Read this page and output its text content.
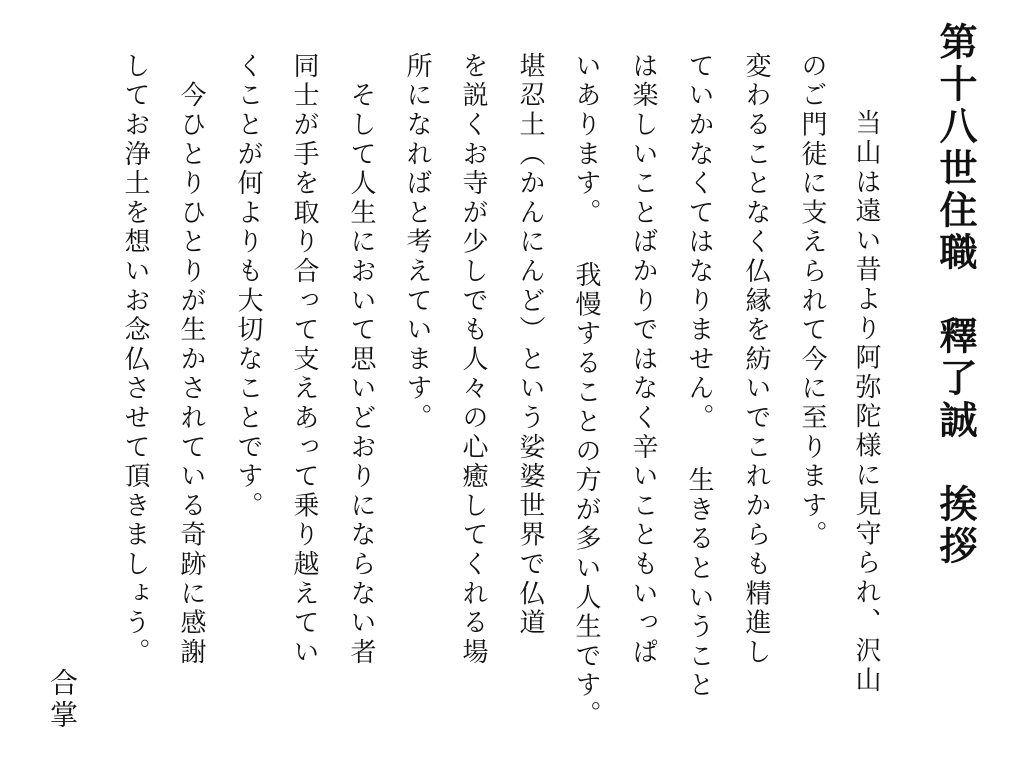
第十八世住職　釋了誠　挨拶
　当山は遠い昔より阿弥陀様に見守られ、沢山
のご門徒に支えられて今に至ります。
変わることなく仏縁を紡いでこれからも精進し
ていかなくてはなりません。 生きるということ
は楽しいことばかりではなく辛いこともいっぱ
いあります。 我慢することの方が多い人生です。
堪忍土（かんにんど）という娑婆世界で仏道
を説くお寺が少しでも人々の心癒してくれる場
所になればと考えています。
　そして人生において思いどおりにならない者
同士が手を取り合って支えあって乗り越えてい
くことが何よりも大切なことです。
　今ひとりひとりが生かされている奇跡に感謝
してお浄土を想いお念仏させて頂きましょう。
合掌
